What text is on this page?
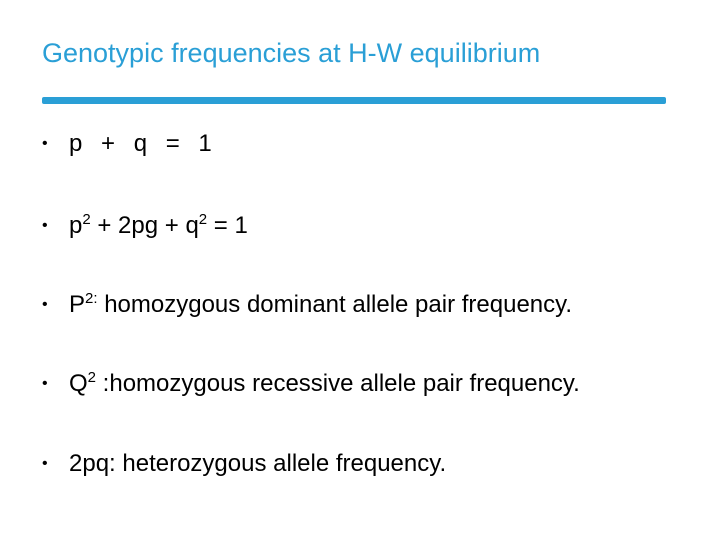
Genotypic frequencies at H-W equilibrium
• p + q = 1
• $p^2 + 2pg + q^2 = 1$
• $P^{2:}$ homozygous dominant allele pair frequency.
• $Q^2$ :homozygous recessive allele pair frequency.
• 2pq: heterozygous allele frequency.
